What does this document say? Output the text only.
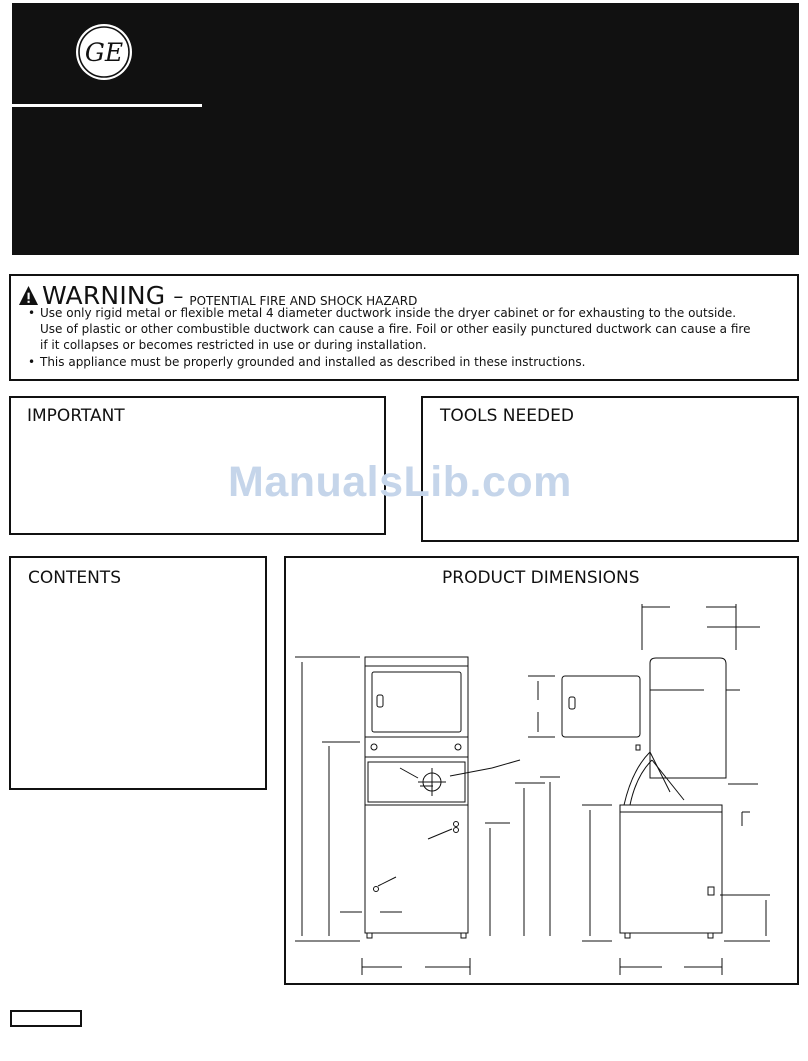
GE
WARNING – POTENTIAL FIRE AND SHOCK HAZARD
• Use only rigid metal or flexible metal 4 diameter ductwork inside the dryer cabinet or for exhausting to the outside.
Use of plastic or other combustible ductwork can cause a fire. Foil or other easily punctured ductwork can cause a fire
if it collapses or becomes restricted in use or during installation.
• This appliance must be properly grounded and installed as described in these instructions.
IMPORTANT	TOOLS NEEDED
ManualsLib.com
CONTENTS	PRODUCT DIMENSIONS
